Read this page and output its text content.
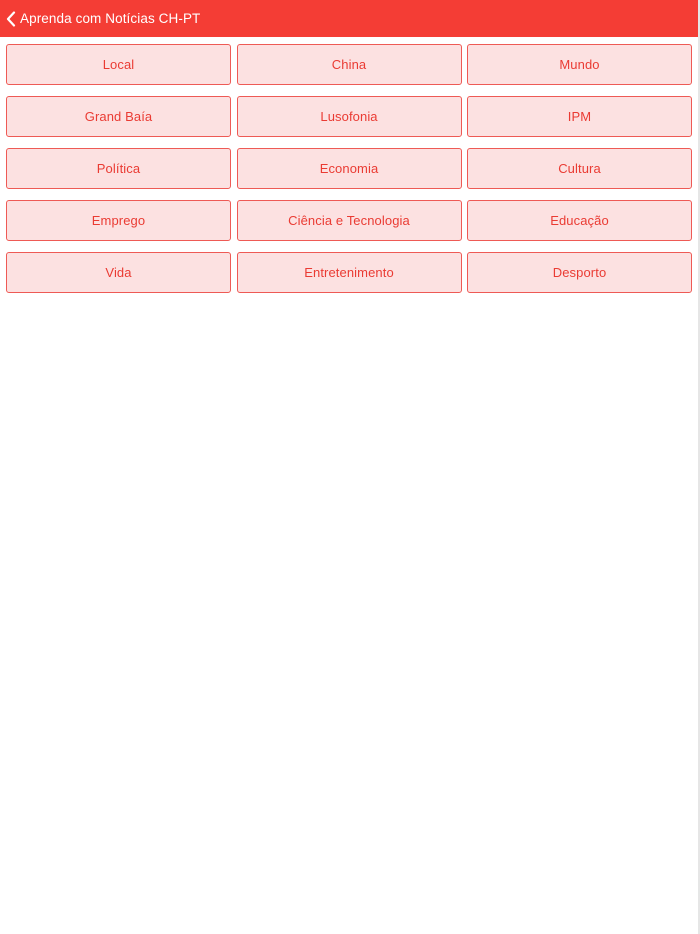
Aprenda com Notícias CH-PT
Local	China	Mundo
Grand Baía	Lusofonia	IPM
Política	Economia	Cultura
Emprego	Ciência e Tecnologia	Educação
Vida	Entretenimento	Desporto
